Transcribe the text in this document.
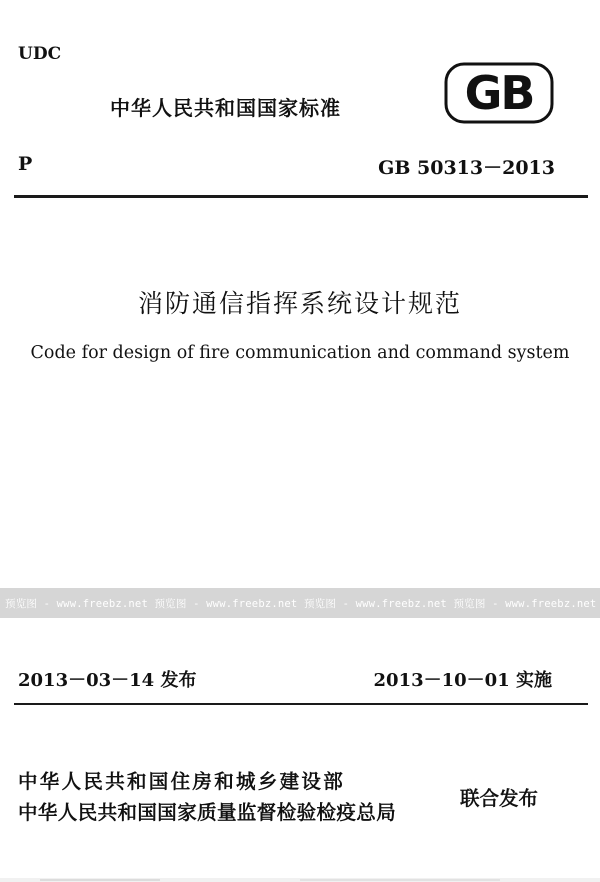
UDC
中华人民共和国国家标准	GB
P	GB 50313－2013
消防通信指挥系统设计规范
Code for design of fire communication and command system
预览图 - www.freebz.net 预览图 - www.freebz.net 预览图 - www.freebz.net 预览图 - www.freebz.net
2013－03－14 发布	2013－10－01 实施
中华人民共和国住房和城乡建设部
中华人民共和国国家质量监督检验检疫总局
联合发布
